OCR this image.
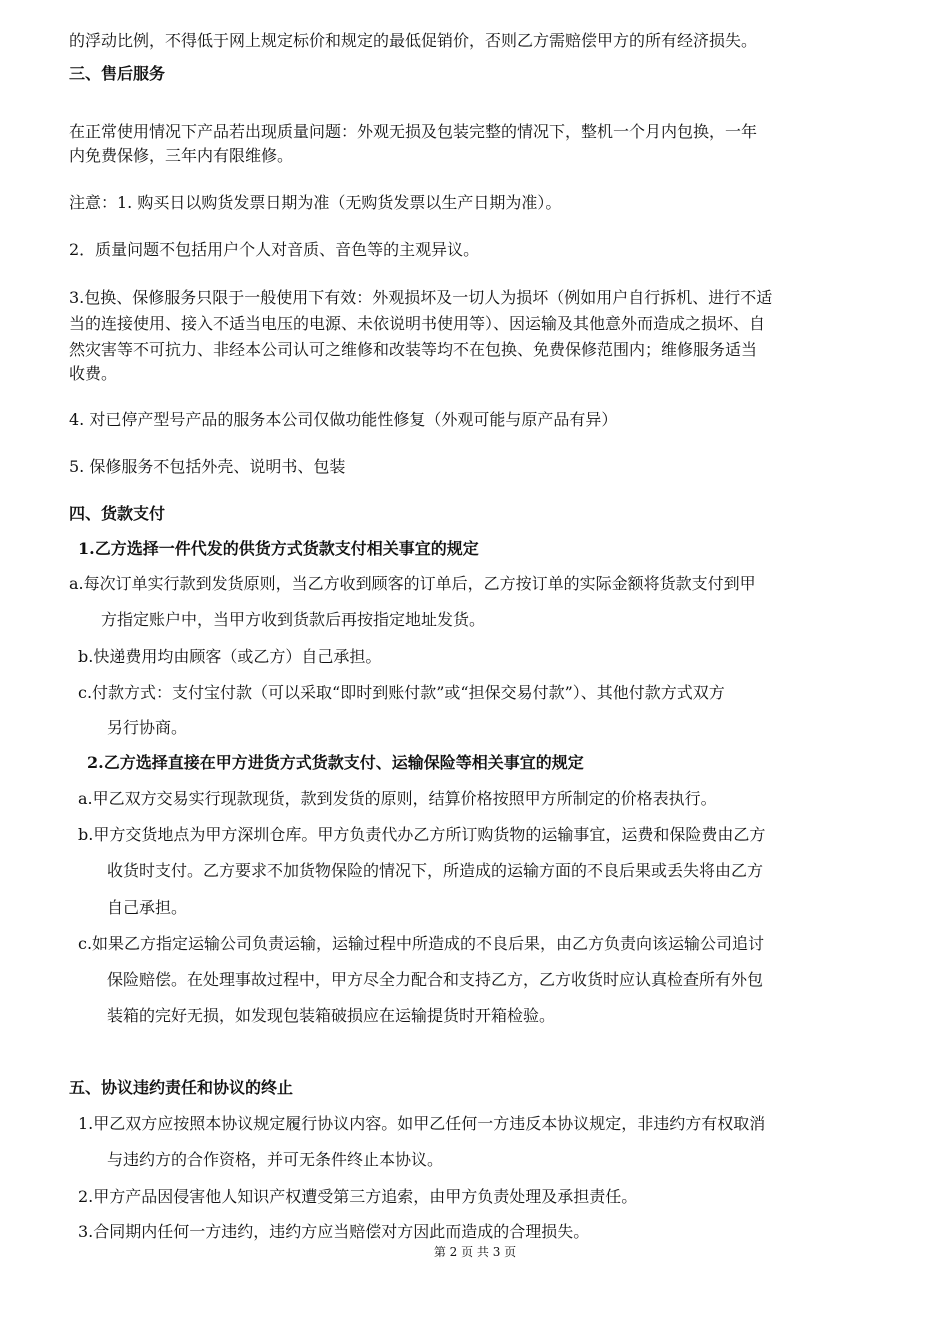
的浮动比例，不得低于网上规定标价和规定的最低促销价，否则乙方需赔偿甲方的所有经济损失。
三、售后服务
在正常使用情况下产品若出现质量问题：外观无损及包装完整的情况下，整机一个月内包换，一年
内免费保修，三年内有限维修。
注意：1. 购买日以购货发票日期为准（无购货发票以生产日期为准）。
2．质量问题不包括用户个人对音质、音色等的主观异议。
3.包换、保修服务只限于一般使用下有效：外观损坏及一切人为损坏（例如用户自行拆机、进行不适
当的连接使用、接入不适当电压的电源、未依说明书使用等）、因运输及其他意外而造成之损坏、自
然灾害等不可抗力、非经本公司认可之维修和改装等均不在包换、免费保修范围内；维修服务适当
收费。
4. 对已停产型号产品的服务本公司仅做功能性修复（外观可能与原产品有异）
5. 保修服务不包括外壳、说明书、包装
四、货款支付
1.乙方选择一件代发的供货方式货款支付相关事宜的规定
a.每次订单实行款到发货原则，当乙方收到顾客的订单后，乙方按订单的实际金额将货款支付到甲
方指定账户中，当甲方收到货款后再按指定地址发货。
b.快递费用均由顾客（或乙方）自己承担。
c.付款方式：支付宝付款（可以采取“即时到账付款”或“担保交易付款”）、其他付款方式双方
另行协商。
2.乙方选择直接在甲方进货方式货款支付、运输保险等相关事宜的规定
a.甲乙双方交易实行现款现货，款到发货的原则，结算价格按照甲方所制定的价格表执行。
b.甲方交货地点为甲方深圳仓库。甲方负责代办乙方所订购货物的运输事宜，运费和保险费由乙方
收货时支付。乙方要求不加货物保险的情况下，所造成的运输方面的不良后果或丢失将由乙方
自己承担。
c.如果乙方指定运输公司负责运输，运输过程中所造成的不良后果，由乙方负责向该运输公司追讨
保险赔偿。在处理事故过程中，甲方尽全力配合和支持乙方，乙方收货时应认真检查所有外包
装箱的完好无损，如发现包装箱破损应在运输提货时开箱检验。
五、协议违约责任和协议的终止
1.甲乙双方应按照本协议规定履行协议内容。如甲乙任何一方违反本协议规定，非违约方有权取消
与违约方的合作资格，并可无条件终止本协议。
2.甲方产品因侵害他人知识产权遭受第三方追索，由甲方负责处理及承担责任。
3.合同期内任何一方违约，违约方应当赔偿对方因此而造成的合理损失。
第 2 页 共 3 页
